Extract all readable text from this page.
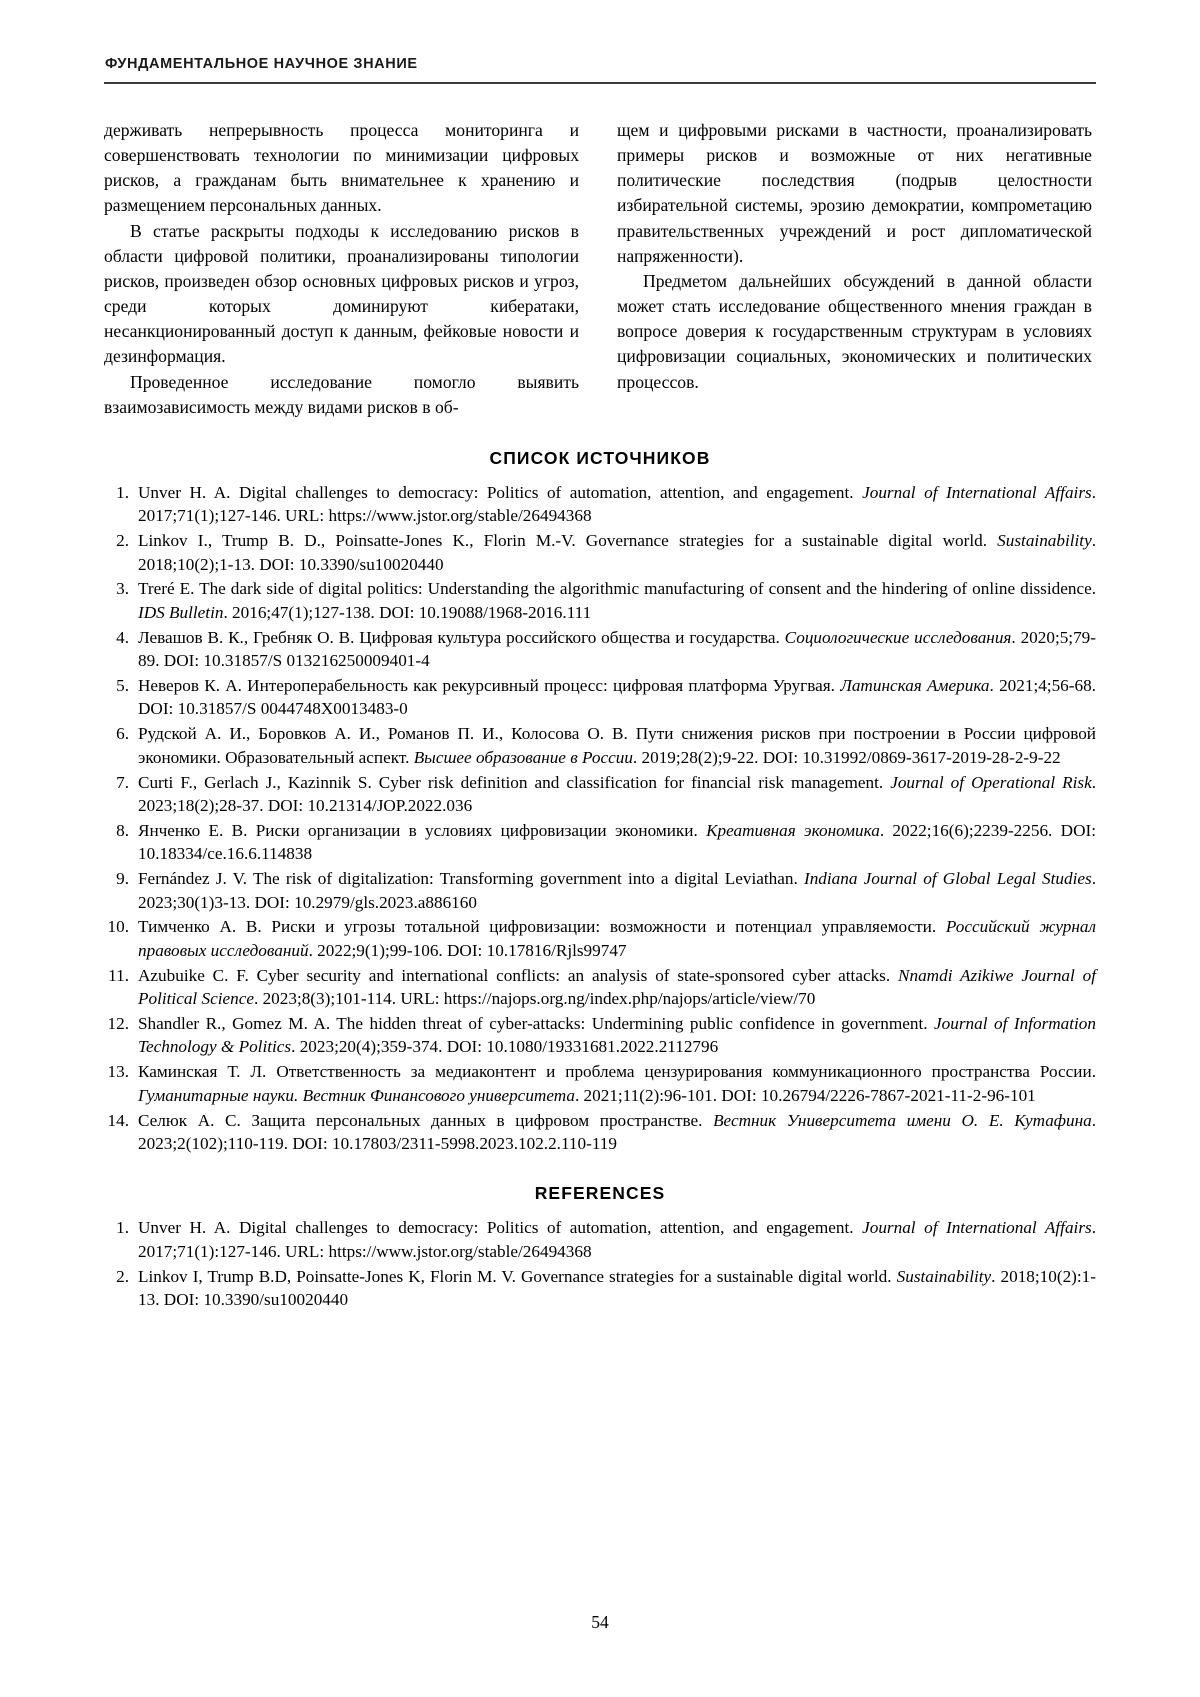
ФУНДАМЕНТАЛЬНОЕ НАУЧНОЕ ЗНАНИЕ

держивать непрерывность процесса мониторинга и совершенствовать технологии по минимизации цифровых рисков, а гражданам быть внимательнее к хранению и размещением персональных данных.

В статье раскрыты подходы к исследованию рисков в области цифровой политики, проанализированы типологии рисков, произведен обзор основных цифровых рисков и угроз, среди которых доминируют кибератаки, несанкционированный доступ к данным, фейковые новости и дезинформация.

Проведенное исследование помогло выявить взаимозависимость между видами рисков в об-

щем и цифровыми рисками в частности, проанализировать примеры рисков и возможные от них негативные политические последствия (подрыв целостности избирательной системы, эрозию демократии, компрометацию правительственных учреждений и рост дипломатической напряженности).

Предметом дальнейших обсуждений в данной области может стать исследование общественного мнения граждан в вопросе доверия к государственным структурам в условиях цифровизации социальных, экономических и политических процессов.

СПИСОК ИСТОЧНИКОВ
1. Unver H. A. Digital challenges to democracy: Politics of automation, attention, and engagement. Journal of International Affairs. 2017;71(1);127-146. URL: https://www.jstor.org/stable/26494368
2. Linkov I., Trump B. D., Poinsatte-Jones K., Florin M.-V. Governance strategies for a sustainable digital world. Sustainability. 2018;10(2);1-13. DOI: 10.3390/su10020440
3. Treré E. The dark side of digital politics: Understanding the algorithmic manufacturing of consent and the hindering of online dissidence. IDS Bulletin. 2016;47(1);127-138. DOI: 10.19088/1968-2016.111
4. Левашов В. К., Гребняк О. В. Цифровая культура российского общества и государства. Социологические исследования. 2020;5;79-89. DOI: 10.31857/S 013216250009401-4
5. Неверов К. А. Интероперабельность как рекурсивный процесс: цифровая платформа Уругвая. Латинская Америка. 2021;4;56-68. DOI: 10.31857/S 0044748X0013483-0
6. Рудской А. И., Боровков А. И., Романов П. И., Колосова О. В. Пути снижения рисков при построении в России цифровой экономики. Образовательный аспект. Высшее образование в России. 2019;28(2);9-22. DOI: 10.31992/0869-3617-2019-28-2-9-22
7. Curti F., Gerlach J., Kazinnik S. Cyber risk definition and classification for financial risk management. Journal of Operational Risk. 2023;18(2);28-37. DOI: 10.21314/JOP.2022.036
8. Янченко Е. В. Риски организации в условиях цифровизации экономики. Креативная экономика. 2022;16(6);2239-2256. DOI: 10.18334/ce.16.6.114838
9. Fernández J. V. The risk of digitalization: Transforming government into a digital Leviathan. Indiana Journal of Global Legal Studies. 2023;30(1)3-13. DOI: 10.2979/gls.2023.a886160
10. Тимченко А. В. Риски и угрозы тотальной цифровизации: возможности и потенциал управляемости. Российский журнал правовых исследований. 2022;9(1);99-106. DOI: 10.17816/Rjls99747
11. Azubuike C. F. Cyber security and international conflicts: an analysis of state-sponsored cyber attacks. Nnamdi Azikiwe Journal of Political Science. 2023;8(3);101-114. URL: https://najops.org.ng/index.php/najops/article/view/70
12. Shandler R., Gomez M. A. The hidden threat of cyber-attacks: Undermining public confidence in government. Journal of Information Technology & Politics. 2023;20(4);359-374. DOI: 10.1080/19331681.2022.2112796
13. Каминская Т. Л. Ответственность за медиаконтент и проблема цензурирования коммуникационного пространства России. Гуманитарные науки. Вестник Финансового университета. 2021;11(2):96-101. DOI: 10.26794/2226-7867-2021-11-2-96-101
14. Селюк А. С. Защита персональных данных в цифровом пространстве. Вестник Университета имени О. Е. Кутафина. 2023;2(102);110-119. DOI: 10.17803/2311-5998.2023.102.2.110-119
REFERENCES
1. Unver H. A. Digital challenges to democracy: Politics of automation, attention, and engagement. Journal of International Affairs. 2017;71(1):127-146. URL: https://www.jstor.org/stable/26494368
2. Linkov I, Trump B.D, Poinsatte-Jones K, Florin M. V. Governance strategies for a sustainable digital world. Sustainability. 2018;10(2):1-13. DOI: 10.3390/su10020440
54
